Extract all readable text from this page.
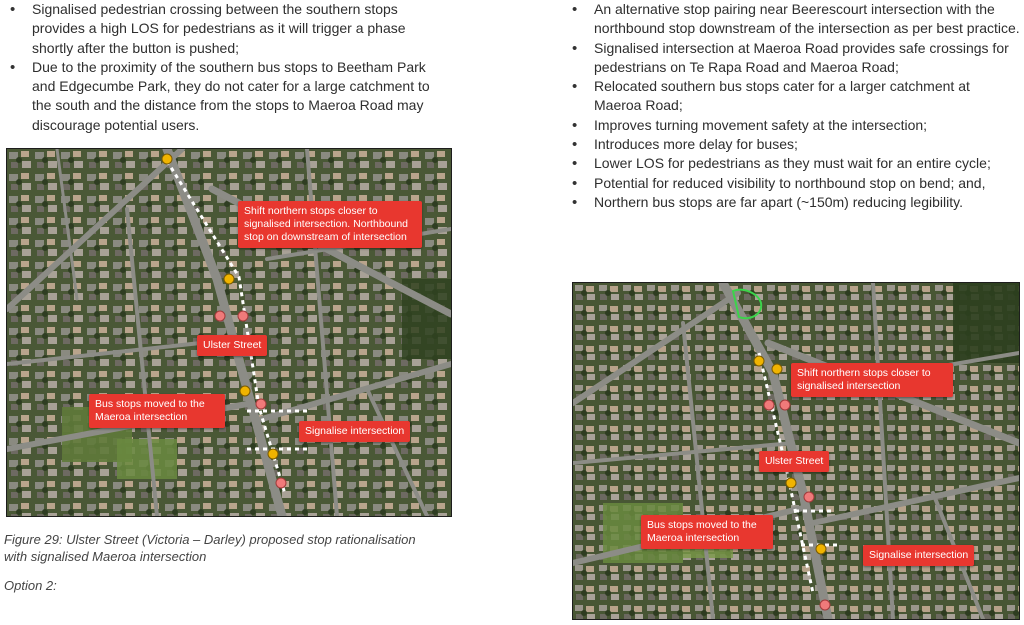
• Signalised pedestrian crossing between the southern stops provides a high LOS for pedestrians as it will trigger a phase shortly after the button is pushed;
• Due to the proximity of the southern bus stops to Beetham Park and Edgecumbe Park, they do not cater for a large catchment to the south and the distance from the stops to Maeroa Road may discourage potential users.
Shift northern stops closer to signalised intersection. Northbound stop on downstream of intersection
Ulster Street
Bus stops moved to the Maeroa intersection
Signalise intersection
Figure 29: Ulster Street (Victoria – Darley) proposed stop rationalisation with signalised Maeroa intersection
Option 2:
• An alternative stop pairing near Beerescourt intersection with the northbound stop downstream of the intersection as per best practice.
• Signalised intersection at Maeroa Road provides safe crossings for pedestrians on Te Rapa Road and Maeroa Road;
• Relocated southern bus stops cater for a larger catchment at Maeroa Road;
• Improves turning movement safety at the intersection;
• Introduces more delay for buses;
• Lower LOS for pedestrians as they must wait for an entire cycle;
• Potential for reduced visibility to northbound stop on bend; and,
• Northern bus stops are far apart (~150m) reducing legibility.
Shift northern stops closer to signalised intersection
Ulster Street
Bus stops moved to the Maeroa intersection
Signalise intersection
